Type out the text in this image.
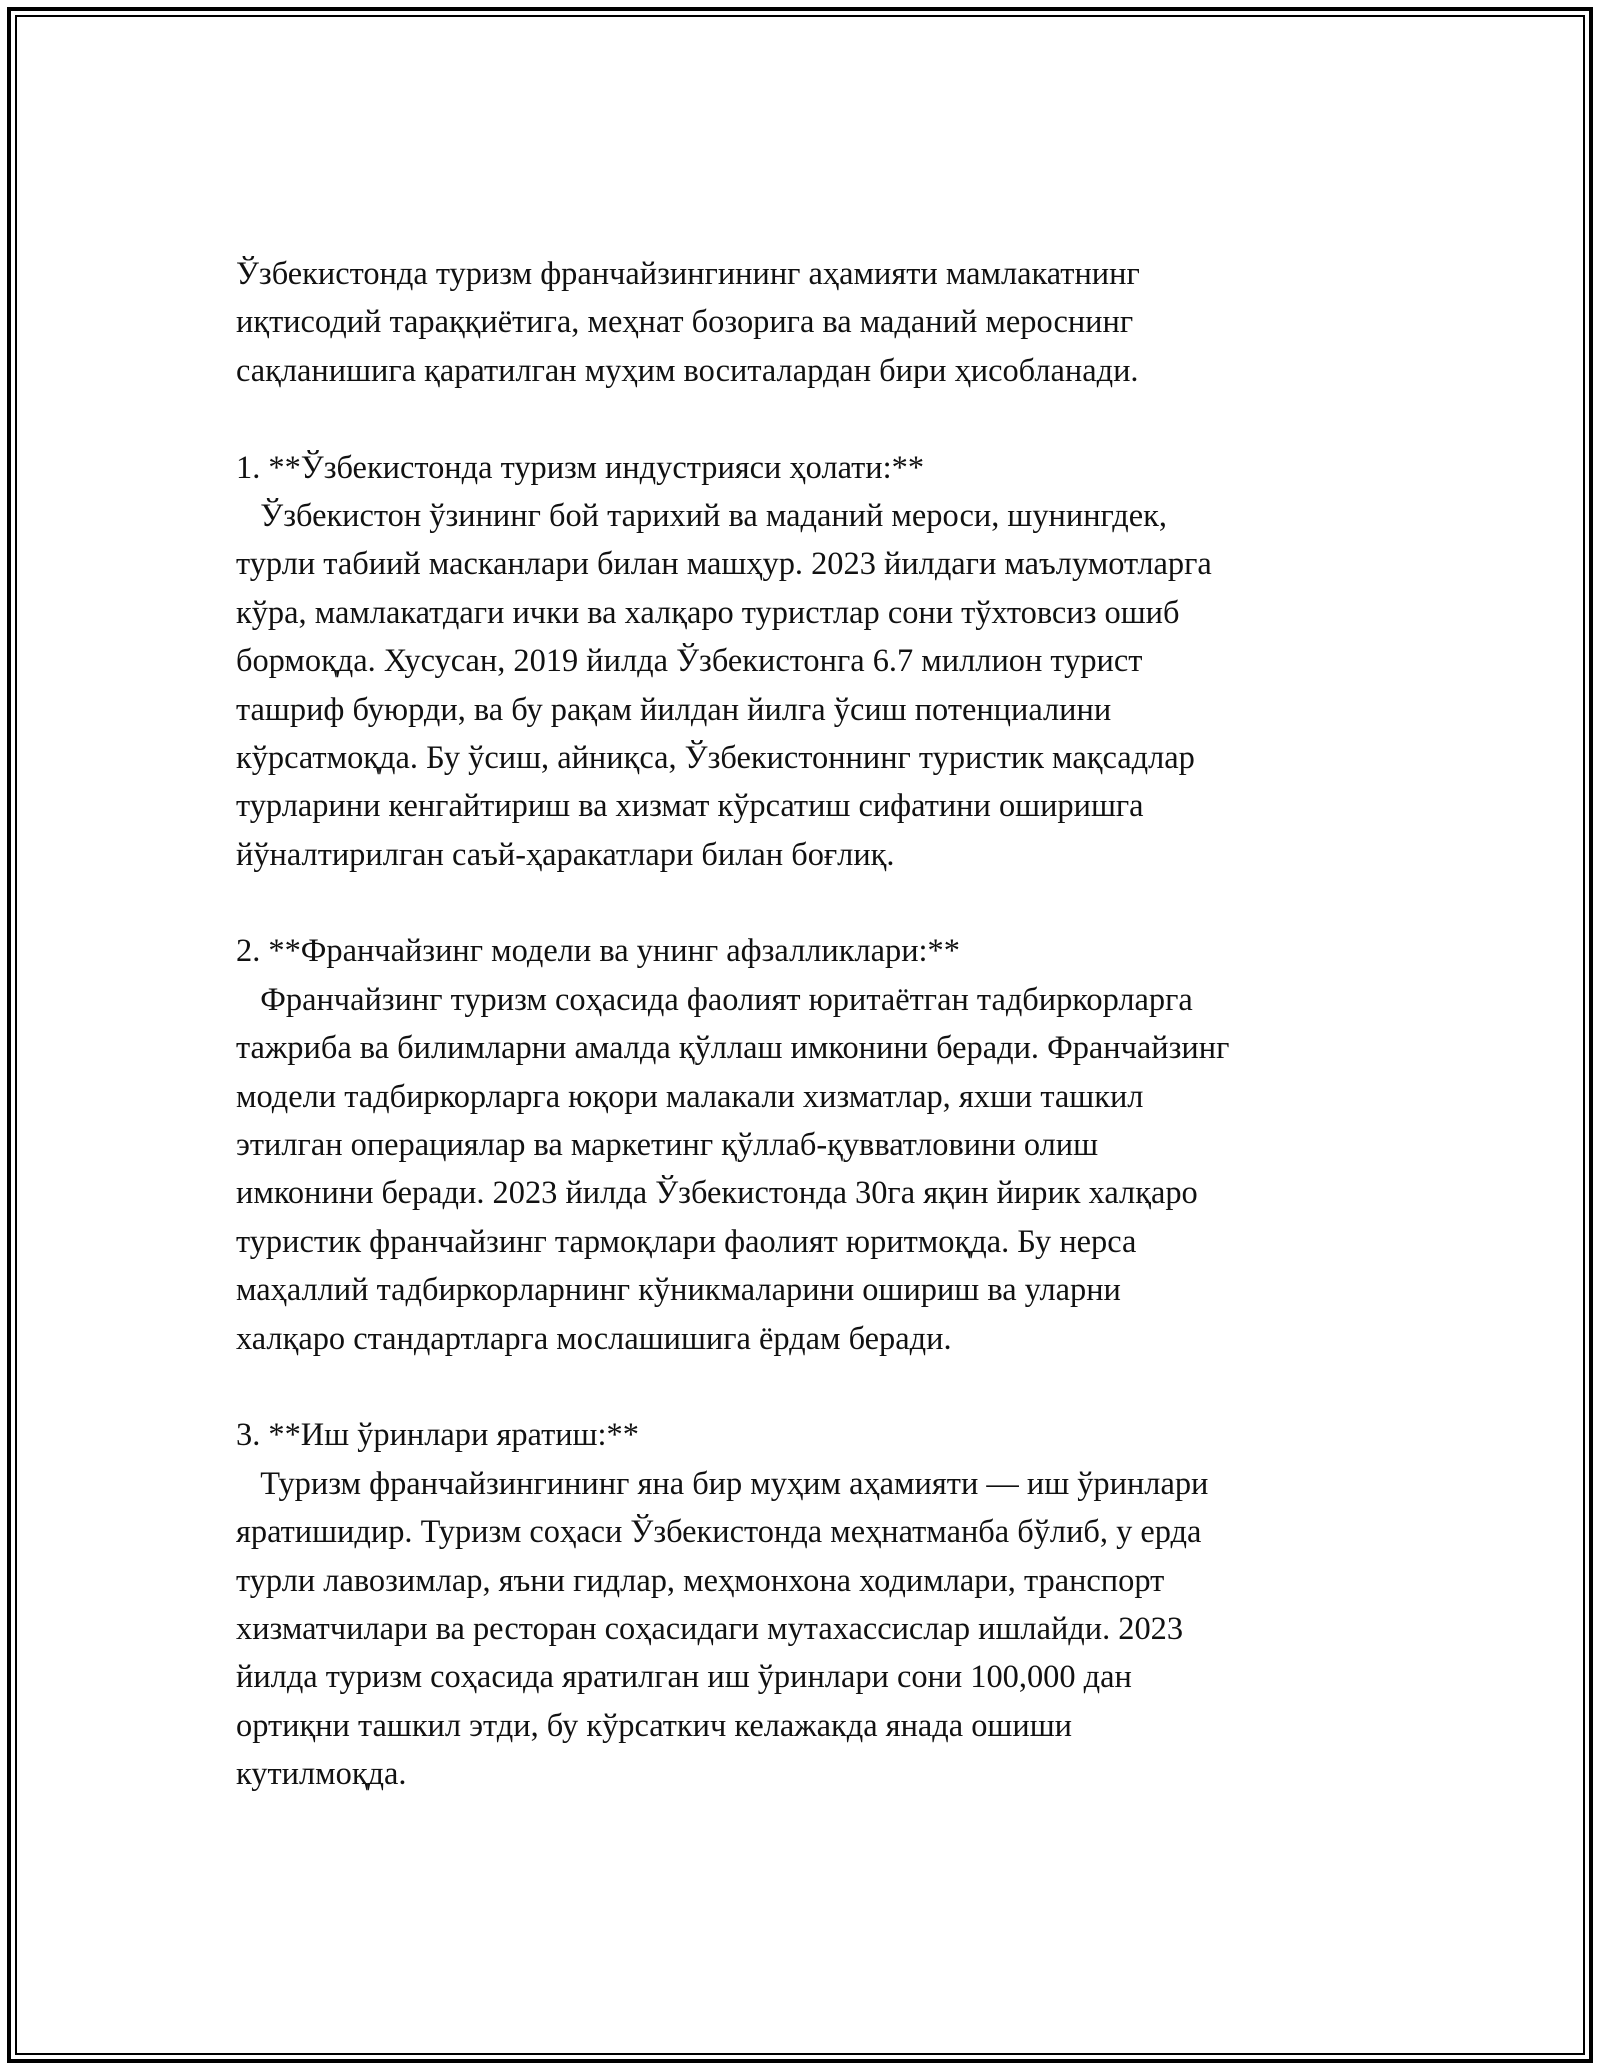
Ўзбекистонда туризм франчайзингининг аҳамияти мамлакатнинг
иқтисодий тараққиётига, меҳнат бозорига ва маданий мероснинг
сақланишига қаратилган муҳим воситалардан бири ҳисобланади.
1. **Ўзбекистонда туризм индустрияси ҳолати:**
Ўзбекистон ўзининг бой тарихий ва маданий мероси, шунингдек,
турли табиий масканлари билан машҳур. 2023 йилдаги маълумотларга
кўра, мамлакатдаги ички ва халқаро туристлар сони тўхтовсиз ошиб
бормоқда. Хусусан, 2019 йилда Ўзбекистонга 6.7 миллион турист
ташриф буюрди, ва бу рақам йилдан йилга ўсиш потенциалини
кўрсатмоқда. Бу ўсиш, айниқса, Ўзбекистоннинг туристик мақсадлар
турларини кенгайтириш ва хизмат кўрсатиш сифатини оширишга
йўналтирилган саъй-ҳаракатлари билан боғлиқ.
2. **Франчайзинг модели ва унинг афзалликлари:**
Франчайзинг туризм соҳасида фаолият юритаётган тадбиркорларга
тажриба ва билимларни амалда қўллаш имконини беради. Франчайзинг
модели тадбиркорларга юқори малакали хизматлар, яхши ташкил
этилган операциялар ва маркетинг қўллаб-қувватловини олиш
имконини беради. 2023 йилда Ўзбекистонда 30га яқин йирик халқаро
туристик франчайзинг тармоқлари фаолият юритмоқда. Бу нерса
маҳаллий тадбиркорларнинг кўникмаларини ошириш ва уларни
халқаро стандартларга мослашишига ёрдам беради.
3. **Иш ўринлари яратиш:**
Туризм франчайзингининг яна бир муҳим аҳамияти — иш ўринлари
яратишидир. Туризм соҳаси Ўзбекистонда меҳнатманба бўлиб, у ерда
турли лавозимлар, яъни гидлар, меҳмонхона ходимлари, транспорт
хизматчилари ва ресторан соҳасидаги мутахассислар ишлайди. 2023
йилда туризм соҳасида яратилган иш ўринлари сони 100,000 дан
ортиқни ташкил этди, бу кўрсаткич келажакда янада ошиши
кутилмоқда.
